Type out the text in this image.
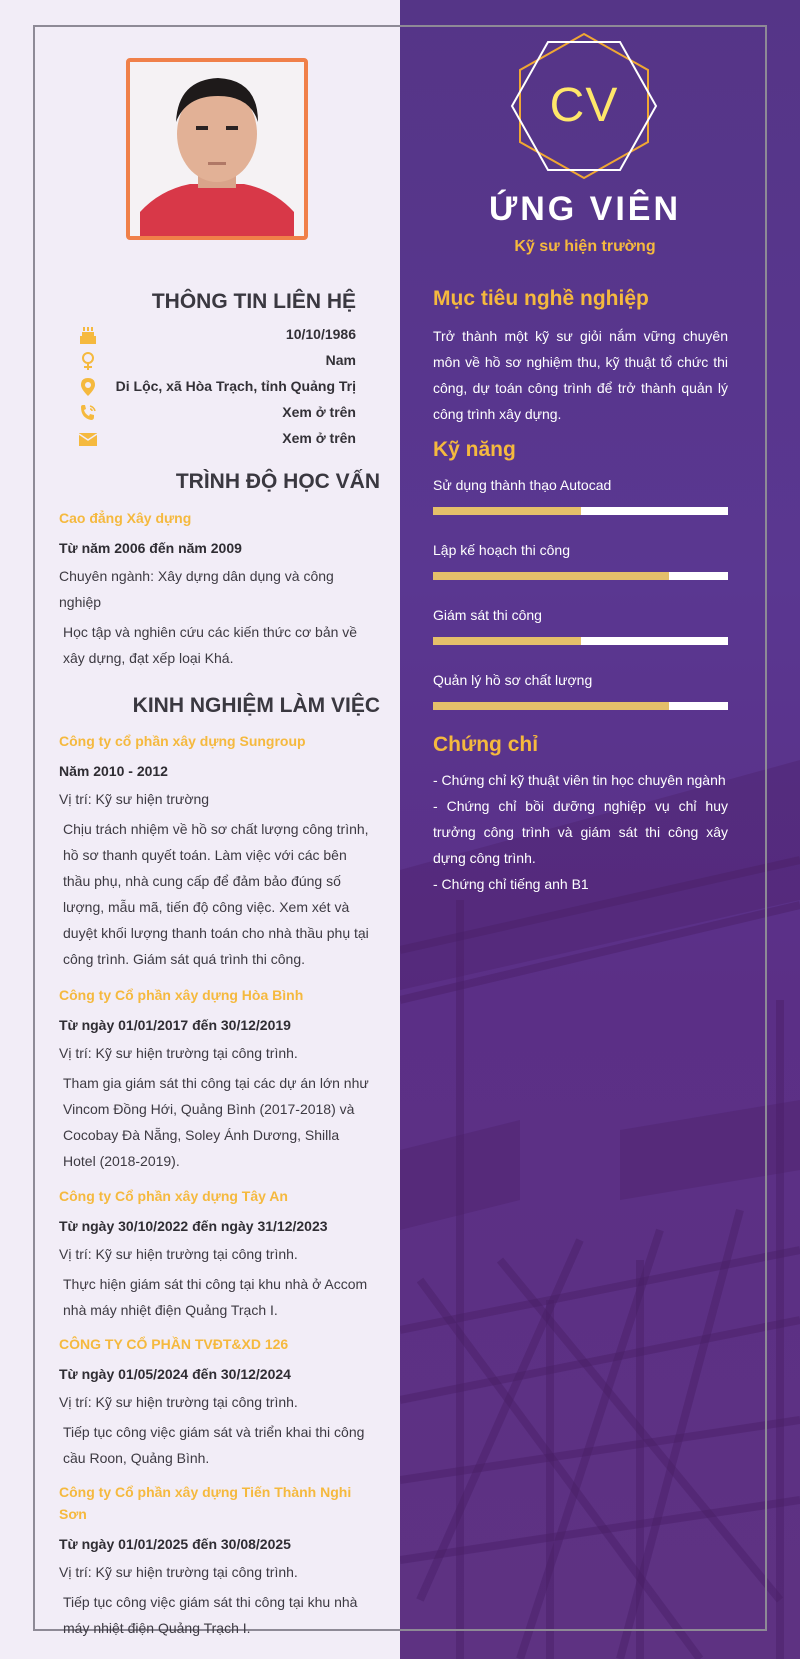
CV
ỨNG VIÊN
Kỹ sư hiện trường
THÔNG TIN LIÊN HỆ
10/10/1986
Nam
Di Lộc, xã Hòa Trạch, tỉnh Quảng Trị
Xem ở trên
Xem ở trên
TRÌNH ĐỘ HỌC VẤN
Cao đẳng Xây dựng
Từ năm 2006 đến năm 2009
Chuyên ngành: Xây dựng dân dụng và công nghiệp
Học tập và nghiên cứu các kiến thức cơ bản về xây dựng, đạt xếp loại Khá.
KINH NGHIỆM LÀM VIỆC
Công ty cổ phần xây dựng Sungroup
Năm 2010 - 2012
Vị trí: Kỹ sư hiện trường
Chịu trách nhiệm về hồ sơ chất lượng công trình, hồ sơ thanh quyết toán. Làm việc với các bên thầu phụ, nhà cung cấp để đảm bảo đúng số lượng, mẫu mã, tiến độ công việc. Xem xét và duyệt khối lượng thanh toán cho nhà thầu phụ tại công trình. Giám sát quá trình thi công.
Công ty Cổ phần xây dựng Hòa Bình
Từ ngày 01/01/2017 đến 30/12/2019
Vị trí: Kỹ sư hiện trường tại công trình.
Tham gia giám sát thi công tại các dự án lớn như Vincom Đồng Hới, Quảng Bình (2017-2018) và Cocobay Đà Nẵng, Soley Ánh Dương, Shilla Hotel (2018-2019).
Công ty Cổ phần xây dựng Tây An
Từ ngày 30/10/2022 đến ngày 31/12/2023
Vị trí: Kỹ sư hiện trường tại công trình.
Thực hiện giám sát thi công tại khu nhà ở Accom nhà máy nhiệt điện Quảng Trạch I.
CÔNG TY CỔ PHẦN TVĐT&XD 126
Từ ngày 01/05/2024 đến 30/12/2024
Vị trí: Kỹ sư hiện trường tại công trình.
Tiếp tục công việc giám sát và triển khai thi công cầu Roon, Quảng Bình.
Công ty Cổ phần xây dựng Tiến Thành Nghi Sơn
Từ ngày 01/01/2025 đến 30/08/2025
Vị trí: Kỹ sư hiện trường tại công trình.
Tiếp tục công việc giám sát thi công tại khu nhà máy nhiệt điện Quảng Trạch I.
Mục tiêu nghề nghiệp
Trở thành một kỹ sư giỏi nắm vững chuyên môn về hồ sơ nghiệm thu, kỹ thuật tổ chức thi công, dự toán công trình để trở thành quản lý công trình xây dựng.
Kỹ năng
Sử dụng thành thạo Autocad
Lập kế hoạch thi công
Giám sát thi công
Quản lý hồ sơ chất lượng
Chứng chỉ
- Chứng chỉ kỹ thuật viên tin học chuyên ngành
- Chứng chỉ bồi dưỡng nghiệp vụ chỉ huy trưởng công trình và giám sát thi công xây dựng công trình.
- Chứng chỉ tiếng anh B1
